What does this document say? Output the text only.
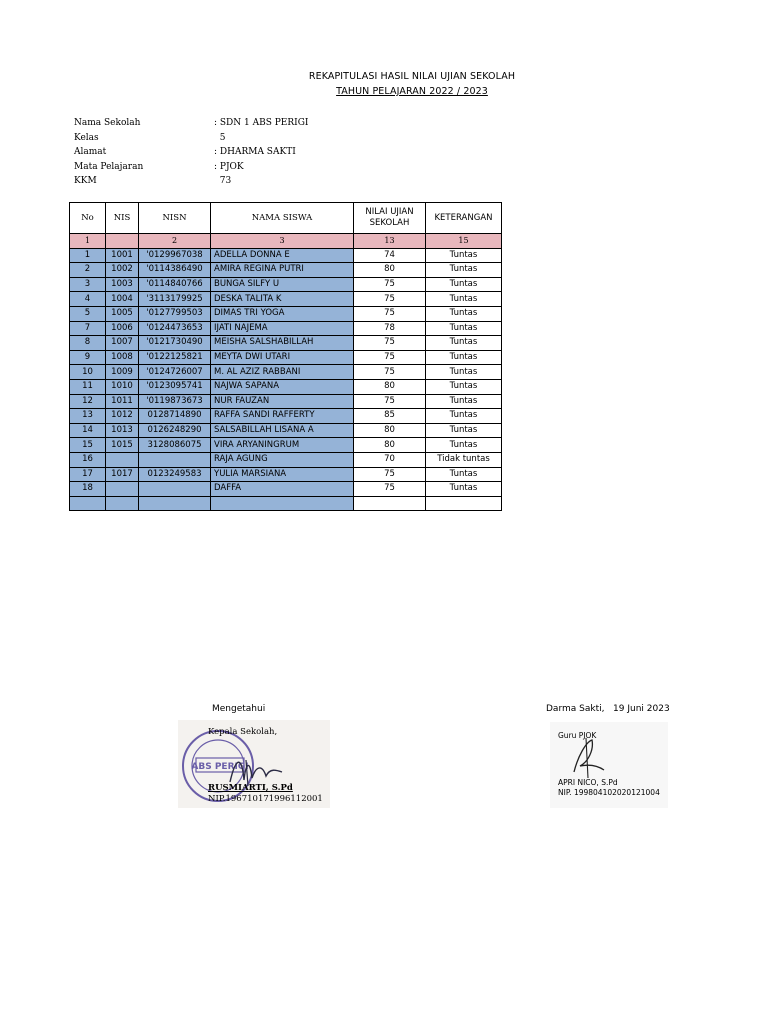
REKAPITULASI HASIL NILAI UJIAN SEKOLAH
TAHUN PELAJARAN 2022 / 2023
Nama Sekolah	: SDN 1 ABS PERIGI
Kelas	5
Alamat	: DHARMA SAKTI
Mata Pelajaran	: PJOK
KKM	73
No	NIS	NISN	NAMA SISWA	NILAI UJIAN SEKOLAH	KETERANGAN
1		2	3	13	15
1	1001	'0129967038	ADELLA DONNA E	74	Tuntas
2	1002	'0114386490	AMIRA REGINA PUTRI	80	Tuntas
3	1003	'0114840766	BUNGA SILFY U	75	Tuntas
4	1004	'3113179925	DESKA TALITA K	75	Tuntas
5	1005	'0127799503	DIMAS TRI YOGA	75	Tuntas
7	1006	'0124473653	IJATI NAJEMA	78	Tuntas
8	1007	'0121730490	MEISHA SALSHABILLAH	75	Tuntas
9	1008	'0122125821	MEYTA DWI UTARI	75	Tuntas
10	1009	'0124726007	M. AL AZIZ RABBANI	75	Tuntas
11	1010	'0123095741	NAJWA SAPANA	80	Tuntas
12	1011	'0119873673	NUR FAUZAN	75	Tuntas
13	1012	0128714890	RAFFA SANDI RAFFERTY	85	Tuntas
14	1013	0126248290	SALSABILLAH LISANA A	80	Tuntas
15	1015	3128086075	VIRA ARYANINGRUM	80	Tuntas
16			RAJA AGUNG	70	Tidak tuntas
17	1017	0123249583	YULIA MARSIANA	75	Tuntas
18			DAFFA	75	Tuntas

Mengetahui
ABS PERIGI
Kepala Sekolah,
RUSMIARTI, S.Pd
NIP.196710171996112001
Darma Sakti,   19 Juni 2023
Guru PJOK
APRI NICO, S.Pd
NIP. 199804102020121004
